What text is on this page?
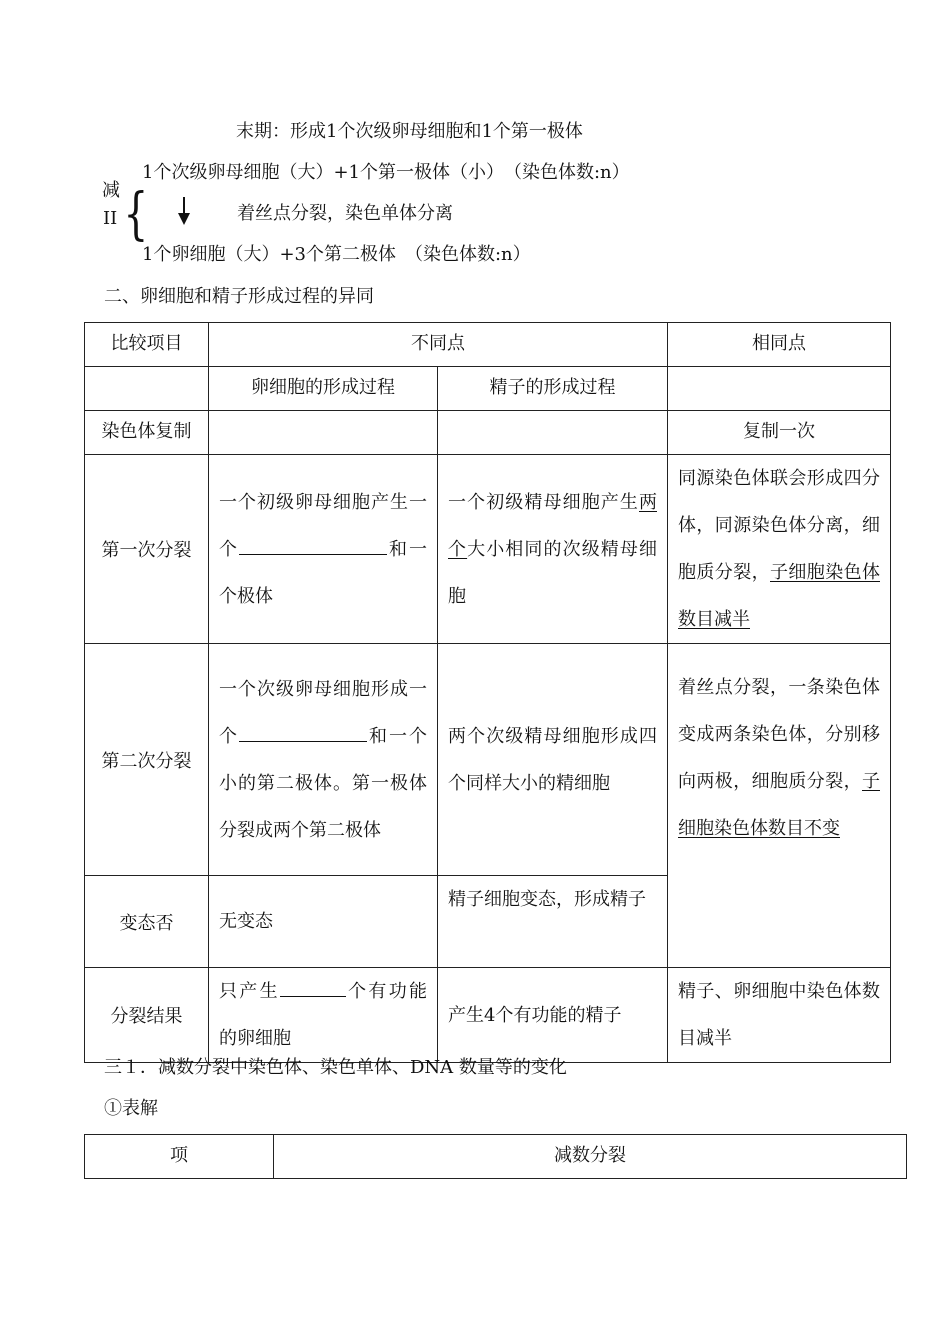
末期：形成1个次级卵母细胞和1个第一极体
减
II {
1个次级卵母细胞（大）+1个第一极体（小）　（染色体数:n）
着丝点分裂，染色单体分离
1个卵细胞（大）+3个第二极体　（染色体数:n）
二、卵细胞和精子形成过程的异同
比较项目	不同点		相同点
	卵细胞的形成过程	精子的形成过程	
染色体复制			复制一次
第一次分裂	一个初级卵母细胞产生一个 和一个极体	一个初级精母细胞产生两个大小相同的次级精母细胞	同源染色体联会形成四分体，同源染色体分离，细胞质分裂，子细胞染色体数目减半

第二次分裂	一个次级卵母细胞形成一个 和一个小的第二极体。第一极体分裂成两个第二极体	两个次级精母细胞形成四个同样大小的精细胞	着丝点分裂，一条染色体变成两条染色体，分别移向两极，细胞质分裂，子细胞染色体数目不变

变态否	无变态	精子细胞变态，形成精子	

分裂结果	只产生 个有功能的卵细胞	产生4个有功能的精子	精子、卵细胞中染色体数目减半
三１．减数分裂中染色体、染色单体、DNA 数量等的变化
①表解
项	减数分裂
